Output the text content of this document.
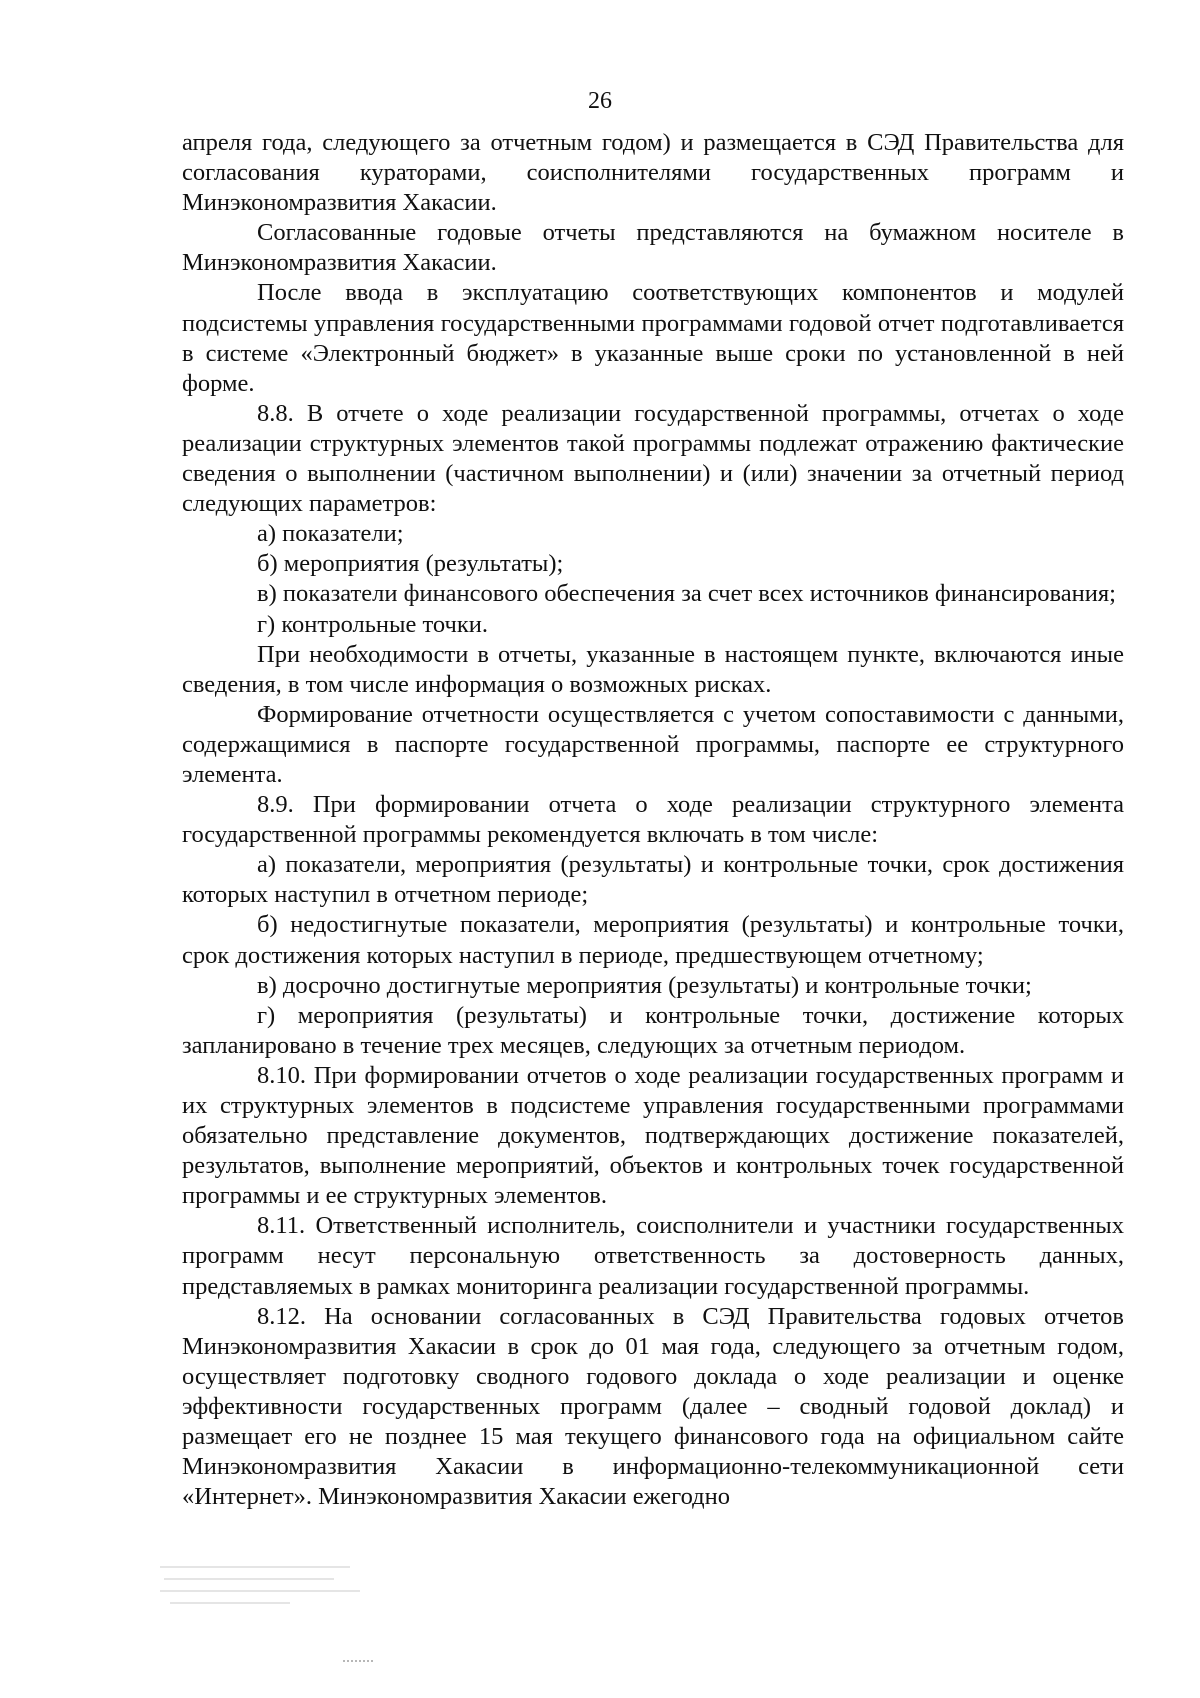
26

апреля года, следующего за отчетным годом) и размещается в СЭД Правительства для согласования кураторами, соисполнителями государственных программ и Минэкономразвития Хакасии.

Согласованные годовые отчеты представляются на бумажном носителе в Минэкономразвития Хакасии.

После ввода в эксплуатацию соответствующих компонентов и модулей подсистемы управления государственными программами годовой отчет подготавливается в системе «Электронный бюджет» в указанные выше сроки по установленной в ней форме.

8.8. В отчете о ходе реализации государственной программы, отчетах о ходе реализации структурных элементов такой программы подлежат отражению фактические сведения о выполнении (частичном выполнении) и (или) значении за отчетный период следующих параметров:

а) показатели;

б) мероприятия (результаты);

в) показатели финансового обеспечения за счет всех источников финансирования;

г) контрольные точки.

При необходимости в отчеты, указанные в настоящем пункте, включаются иные сведения, в том числе информация о возможных рисках.

Формирование отчетности осуществляется с учетом сопоставимости с данными, содержащимися в паспорте государственной программы, паспорте ее структурного элемента.

8.9. При формировании отчета о ходе реализации структурного элемента государственной программы рекомендуется включать в том числе:

а) показатели, мероприятия (результаты) и контрольные точки, срок достижения которых наступил в отчетном периоде;

б) недостигнутые показатели, мероприятия (результаты) и контрольные точки, срок достижения которых наступил в периоде, предшествующем отчетному;

в) досрочно достигнутые мероприятия (результаты) и контрольные точки;

г) мероприятия (результаты) и контрольные точки, достижение которых запланировано в течение трех месяцев, следующих за отчетным периодом.

8.10. При формировании отчетов о ходе реализации государственных программ и их структурных элементов в подсистеме управления государственными программами обязательно представление документов, подтверждающих достижение показателей, результатов, выполнение мероприятий, объектов и контрольных точек государственной программы и ее структурных элементов.

8.11. Ответственный исполнитель, соисполнители и участники государственных программ несут персональную ответственность за достоверность данных, представляемых в рамках мониторинга реализации государственной программы.

8.12. На основании согласованных в СЭД Правительства годовых отчетов Минэкономразвития Хакасии в срок до 01 мая года, следующего за отчетным годом, осуществляет подготовку сводного годового доклада о ходе реализации и оценке эффективности государственных программ (далее – сводный годовой доклад) и размещает его не позднее 15 мая текущего финансового года на официальном сайте Минэкономразвития Хакасии в информационно-телекоммуникационной сети «Интернет». Минэкономразвития Хакасии ежегодно
